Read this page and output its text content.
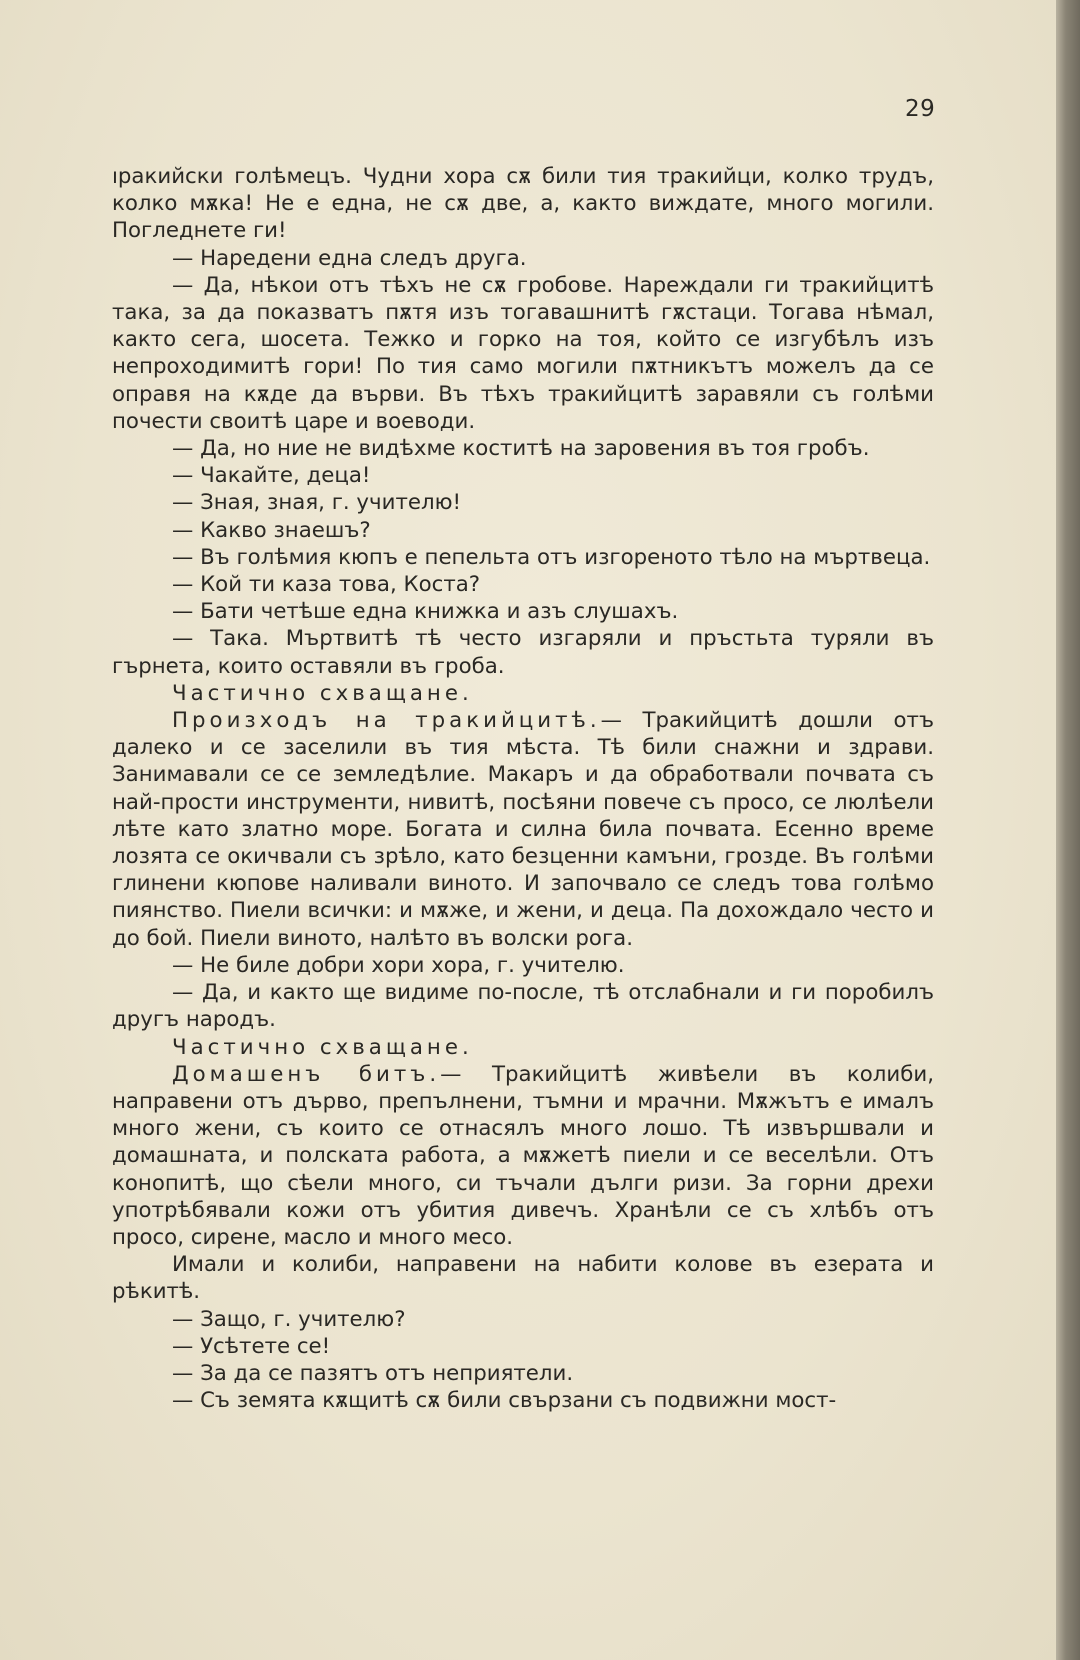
29

ıракийски голѣмецъ. Чудни хора сѫ били тия тракийци, колко трудъ, колко мѫка! Не е една, не сѫ две, а, както виждате, много могили. Погледнете ги!

— Наредени една следъ друга.

— Да, нѣкои отъ тѣхъ не сѫ гробове. Нареждали ги тракийцитѣ така, за да показватъ пѫтя изъ тогавашнитѣ гѫстаци. Тогава нѣмал, както сега, шосета. Тежко и горко на тоя, който се изгубѣлъ изъ непроходимитѣ гори! По тия само могили пѫтникътъ можелъ да се оправя на кѫде да върви. Въ тѣхъ тракийцитѣ заравяли съ голѣми почести своитѣ царе и воеводи.

— Да, но ние не видѣхме коститѣ на заровения въ тоя гробъ.

— Чакайте, деца!

— Зная, зная, г. учителю!

— Какво знаешъ?

— Въ голѣмия кюпъ е пепельта отъ изгореното тѣло на мъртвеца.

— Кой ти каза това, Коста?

— Бати четѣше една книжка и азъ слушахъ.

— Така. Мъртвитѣ тѣ често изгаряли и пръстьта туряли въ гърнета, които оставяли въ гроба.

Частично схващане.

Произходъ на тракийцитѣ.— Тракийцитѣ дошли отъ далеко и се заселили въ тия мѣста. Тѣ били снажни и здрави. Занимавали се се земледѣлие. Макаръ и да обработвали почвата съ най-прости инструменти, нивитѣ, посѣяни повече съ просо, се люлѣели лѣте като златно море. Богата и силна била почвата. Есенно време лозята се окичвали съ зрѣло, като безценни камъни, грозде. Въ голѣми глинени кюпове наливали виното. И започвало се следъ това голѣмо пиянство. Пиели всички: и мѫже, и жени, и деца. Па дохождало често и до бой. Пиели виното, налѣто въ волски рога.

— Не биле добри хори хора, г. учителю.

— Да, и както ще видиме по-после, тѣ отслабнали и ги поробилъ другъ народъ.

Частично схващане.

Домашенъ битъ.— Тракийцитѣ живѣели въ колиби, направени отъ дърво, препълнени, тъмни и мрачни. Мѫжътъ е ималъ много жени, съ които се отнасялъ много лошо. Тѣ извършвали и домашната, и полската работа, а мѫжетѣ пиели и се веселѣли. Отъ конопитѣ, що сѣели много, си тъчали дълги ризи. За горни дрехи употрѣбявали кожи отъ убития дивечъ. Хранѣли се съ хлѣбъ отъ просо, сирене, масло и много месо.

Имали и колиби, направени на набити колове въ езерата и рѣкитѣ.

— Защо, г. учителю?

— Усѣтете се!

— За да се пазятъ отъ неприятели.

— Съ земята кѫщитѣ сѫ били свързани съ подвижни мост-
